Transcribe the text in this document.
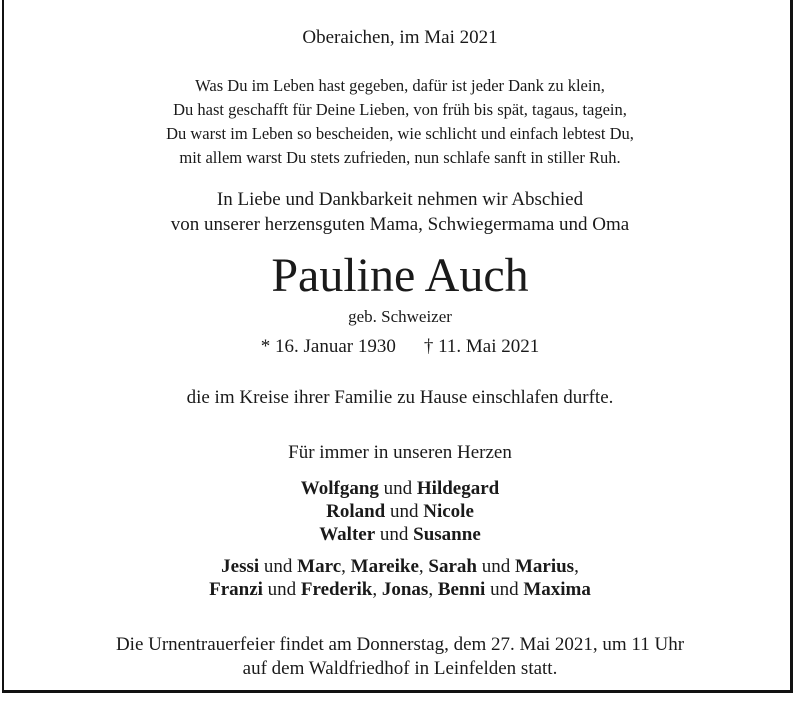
Oberaichen, im Mai 2021
Was Du im Leben hast gegeben, dafür ist jeder Dank zu klein,
Du hast geschafft für Deine Lieben, von früh bis spät, tagaus, tagein,
Du warst im Leben so bescheiden, wie schlicht und einfach lebtest Du,
mit allem warst Du stets zufrieden, nun schlafe sanft in stiller Ruh.
In Liebe und Dankbarkeit nehmen wir Abschied
von unserer herzensguten Mama, Schwiegermama und Oma
Pauline Auch
geb. Schweizer
* 16. Januar 1930 † 11. Mai 2021
die im Kreise ihrer Familie zu Hause einschlafen durfte.
Für immer in unseren Herzen
Wolfgang und Hildegard
Roland und Nicole
Walter und Susanne
Jessi und Marc, Mareike, Sarah und Marius,
Franzi und Frederik, Jonas, Benni und Maxima
Die Urnentrauerfeier findet am Donnerstag, dem 27. Mai 2021, um 11 Uhr
auf dem Waldfriedhof in Leinfelden statt.
